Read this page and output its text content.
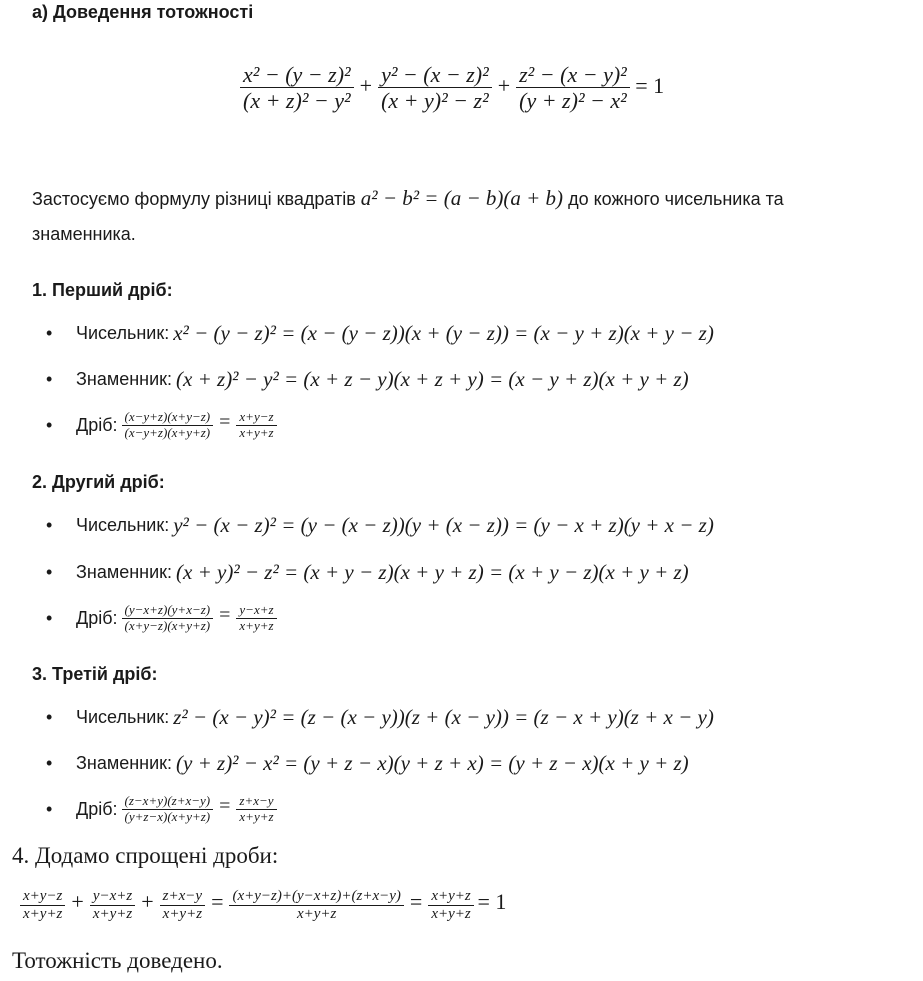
а) Доведення тотожності
$\frac{\text{x² − (y − z)²}}{\text{(x + z)² − y²}} + \frac{\text{y² − (x − z)²}}{\text{(x + y)² − z²}} + \frac{\text{z² − (x − y)²}}{\text{(y + z)² − x²}} = 1$
Застосуємо формулу різниці квадратів a² − b² = (a − b)(a + b) до кожного чисельника та
знаменника.
1. Перший дріб:
•	Чисельник: x² − (y − z)² = (x − (y − z))(x + (y − z)) = (x − y + z)(x + y − z)
•	Знаменник: (x + z)² − y² = (x + z − y)(x + z + y) = (x − y + z)(x + y + z)
•	Дріб: $\frac{(x-y+z)(x+y-z)}{(x-y+z)(x+y+z)} = \frac{x+y-z}{x+y+z}$
2. Другий дріб:
•	Чисельник: y² − (x − z)² = (y − (x − z))(y + (x − z)) = (y − x + z)(y + x − z)
•	Знаменник: (x + y)² − z² = (x + y − z)(x + y + z) = (x + y − z)(x + y + z)
•	Дріб: $\frac{(y-x+z)(y+x-z)}{(x+y-z)(x+y+z)} = \frac{y-x+z}{x+y+z}$
3. Третій дріб:
•	Чисельник: z² − (x − y)² = (z − (x − y))(z + (x − y)) = (z − x + y)(z + x − y)
•	Знаменник: (y + z)² − x² = (y + z − x)(y + z + x) = (y + z − x)(x + y + z)
•	Дріб: $\frac{(z-x+y)(z+x-y)}{(y+z-x)(x+y+z)} = \frac{z+x-y}{x+y+z}$
4. Додамо спрощені дроби:
$\frac{x+y-z}{x+y+z} + \frac{y-x+z}{x+y+z} + \frac{z+x-y}{x+y+z} = \frac{(x+y-z)+(y-x+z)+(z+x-y)}{x+y+z} = \frac{x+y+z}{x+y+z} = 1$
Тотожність доведено.
